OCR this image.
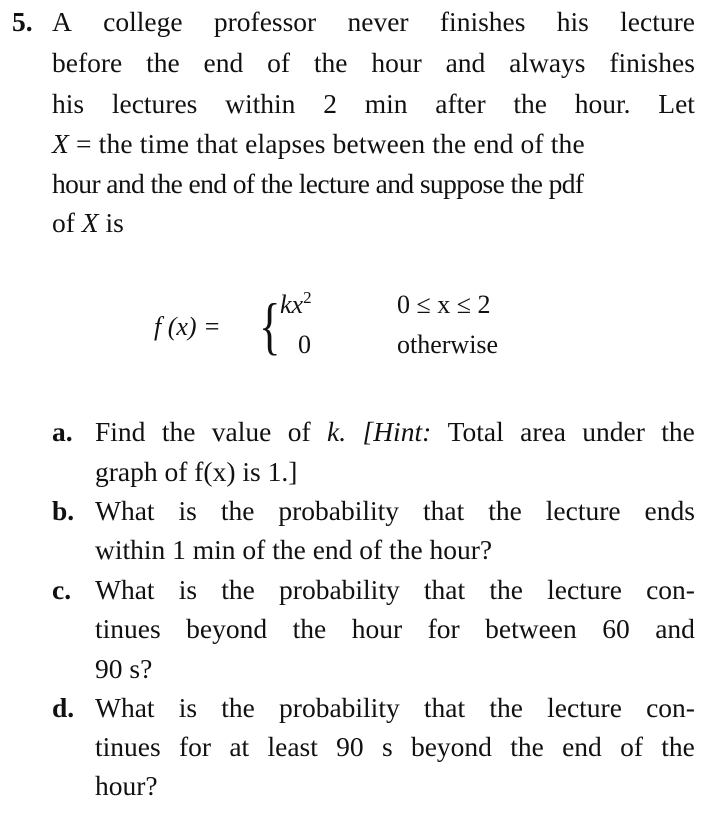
5. A college professor never finishes his lecture
before the end of the hour and always finishes
his lectures within 2 min after the hour. Let
X = the time that elapses between the end of the
hour and the end of the lecture and suppose the pdf
of X is
f (x) = { $kx^2$
0
0 ≤ x ≤ 2
otherwise
a. Find the value of k. [Hint: Total area under the
graph of f(x) is 1.]
b. What is the probability that the lecture ends
within 1 min of the end of the hour?
c. What is the probability that the lecture con-
tinues beyond the hour for between 60 and
90 s?
d. What is the probability that the lecture con-
tinues for at least 90 s beyond the end of the
hour?
